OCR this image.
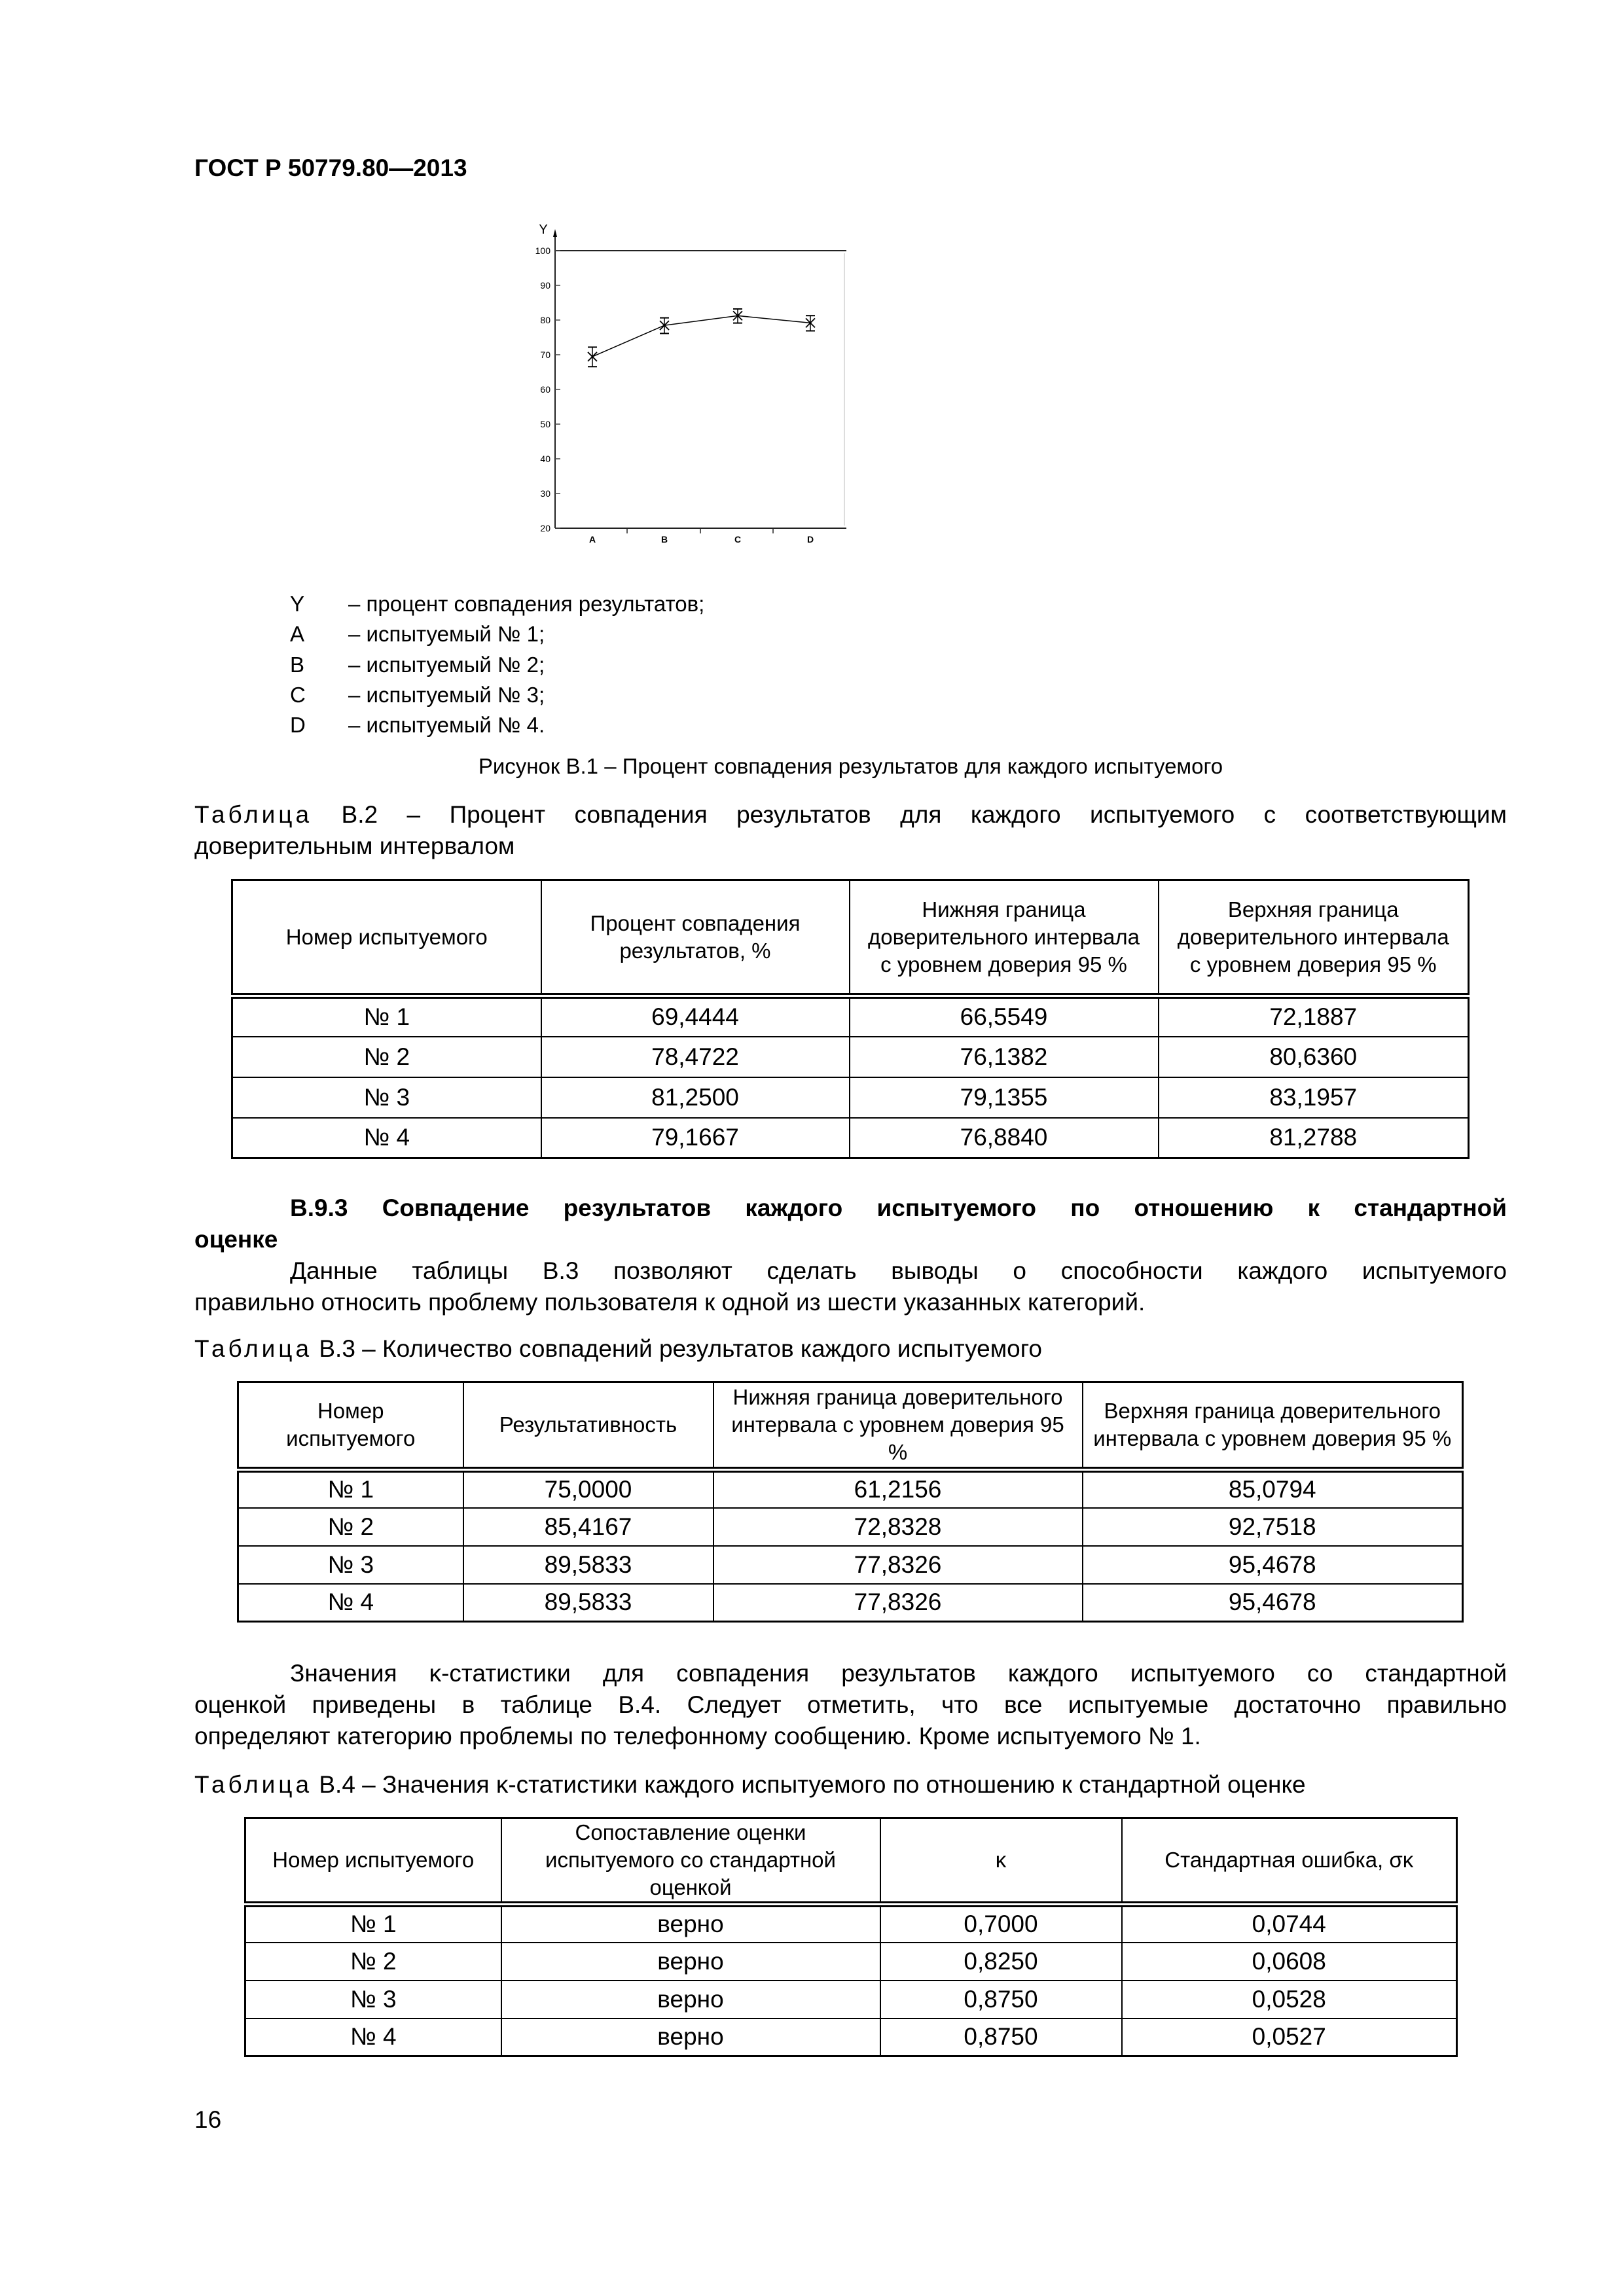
ГОСТ Р 50779.80—2013
Y
20
30
40
50
60
70
80
90
100
A	B	C	D
Y – процент совпадения результатов;
A – испытуемый № 1;
B – испытуемый № 2;
C – испытуемый № 3;
D – испытуемый № 4.
Рисунок В.1 – Процент совпадения результатов для каждого испытуемого
Таблица В.2 – Процент совпадения результатов для каждого испытуемого с соответствующим
доверительным интервалом
Номер испытуемого	Процент совпадения результатов, %	Нижняя граница доверительного интервала с уровнем доверия 95 %	Верхняя граница доверительного интервала с уровнем доверия 95 %
№ 1	69,4444	66,5549	72,1887
№ 2	78,4722	76,1382	80,6360
№ 3	81,2500	79,1355	83,1957
№ 4	79,1667	76,8840	81,2788
В.9.3 Совпадение результатов каждого испытуемого по отношению к стандартной
оценке
Данные таблицы В.3 позволяют сделать выводы о способности каждого испытуемого
правильно относить проблему пользователя к одной из шести указанных категорий.
Таблица В.3 – Количество совпадений результатов каждого испытуемого
Номер испытуемого	Результативность	Нижняя граница доверительного интервала с уровнем доверия 95 %	Верхняя граница доверительного интервала с уровнем доверия 95 %
№ 1	75,0000	61,2156	85,0794
№ 2	85,4167	72,8328	92,7518
№ 3	89,5833	77,8326	95,4678
№ 4	89,5833	77,8326	95,4678
Значения κ-статистики для совпадения результатов каждого испытуемого со стандартной
оценкой приведены в таблице В.4. Следует отметить, что все испытуемые достаточно правильно
определяют категорию проблемы по телефонному сообщению. Кроме испытуемого № 1.
Таблица В.4 – Значения κ-статистики каждого испытуемого по отношению к стандартной оценке
Номер испытуемого	Сопоставление оценки испытуемого со стандартной оценкой	κ	Стандартная ошибка, σκ
№ 1	верно	0,7000	0,0744
№ 2	верно	0,8250	0,0608
№ 3	верно	0,8750	0,0528
№ 4	верно	0,8750	0,0527
16
